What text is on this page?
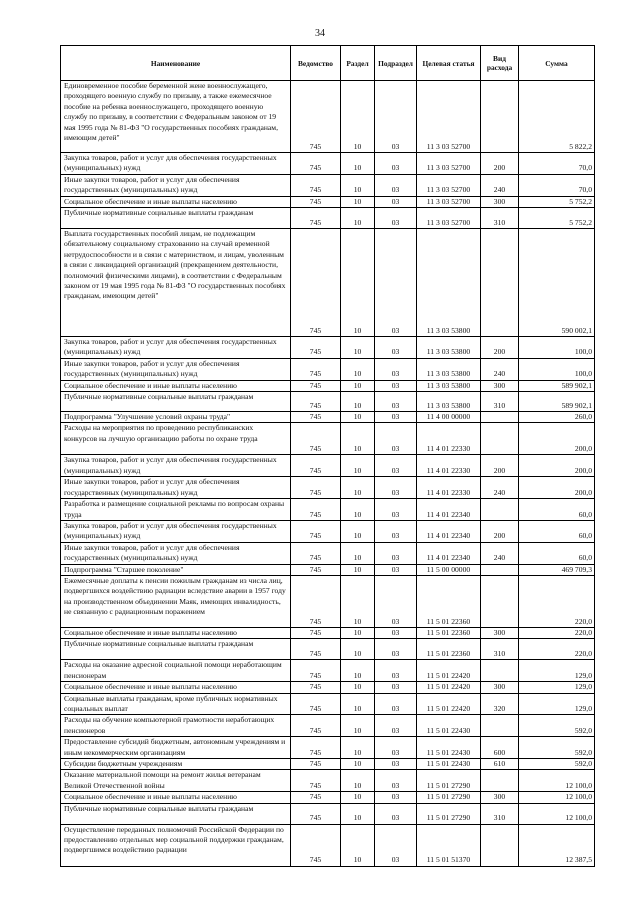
34
Наименование	Ведомство	Раздел	Подраздел	Целевая статья	Вид расхода	Сумма
Единовременное пособие беременной жене военнослужащего, проходящего военную службу по призыву, а также ежемесячное пособие на ребенка военнослужащего, проходящего военную службу по призыву, в соответствии с Федеральным законом от 19 мая 1995 года № 81-ФЗ "О государственных пособиях гражданам, имеющим детей"	745	10	03	11 3 03 52700		5 822,2
Закупка товаров, работ и услуг для обеспечения государственных (муниципальных) нужд	745	10	03	11 3 03 52700	200	70,0
Иные закупки товаров, работ и услуг для обеспечения государственных (муниципальных) нужд	745	10	03	11 3 03 52700	240	70,0
Социальное обеспечение и иные выплаты населению	745	10	03	11 3 03 52700	300	5 752,2
Публичные нормативные социальные выплаты гражданам	745	10	03	11 3 03 52700	310	5 752,2
Выплата государственных пособий лицам, не подлежащим обязательному социальному страхованию на случай временной нетрудоспособности и в связи с материнством, и лицам, уволенным в связи с ликвидацией организаций (прекращением деятельности, полномочий физическими лицами), в соответствии с Федеральным законом от 19 мая 1995 года № 81-ФЗ "О государственных пособиях гражданам, имеющим детей"	745	10	03	11 3 03 53800		590 002,1
Закупка товаров, работ и услуг для обеспечения государственных (муниципальных) нужд	745	10	03	11 3 03 53800	200	100,0
Иные закупки товаров, работ и услуг для обеспечения государственных (муниципальных) нужд	745	10	03	11 3 03 53800	240	100,0
Социальное обеспечение и иные выплаты населению	745	10	03	11 3 03 53800	300	589 902,1
Публичные нормативные социальные выплаты гражданам	745	10	03	11 3 03 53800	310	589 902,1
Подпрограмма "Улучшение условий охраны труда"	745	10	03	11 4 00 00000		260,0
Расходы на мероприятия по проведению республиканских конкурсов на лучшую организацию работы по охране труда	745	10	03	11 4 01 22330		200,0
Закупка товаров, работ и услуг для обеспечения государственных (муниципальных) нужд	745	10	03	11 4 01 22330	200	200,0
Иные закупки товаров, работ и услуг для обеспечения государственных (муниципальных) нужд	745	10	03	11 4 01 22330	240	200,0
Разработка и размещение социальной рекламы по вопросам охраны труда	745	10	03	11 4 01 22340		60,0
Закупка товаров, работ и услуг для обеспечения государственных (муниципальных) нужд	745	10	03	11 4 01 22340	200	60,0
Иные закупки товаров, работ и услуг для обеспечения государственных (муниципальных) нужд	745	10	03	11 4 01 22340	240	60,0
Подпрограмма "Старшее поколение"	745	10	03	11 5 00 00000		469 709,3
Ежемесячные доплаты к пенсии пожилым гражданам из числа лиц, подвергшихся воздействию радиации вследствие аварии в 1957 году на производственном объединении Маяк, имеющих инвалидность, не связанную с радиационным поражением	745	10	03	11 5 01 22360		220,0
Социальное обеспечение и иные выплаты населению	745	10	03	11 5 01 22360	300	220,0
Публичные нормативные социальные выплаты гражданам	745	10	03	11 5 01 22360	310	220,0
Расходы на оказание адресной социальной помощи неработающим пенсионерам	745	10	03	11 5 01 22420		129,0
Социальное обеспечение и иные выплаты населению	745	10	03	11 5 01 22420	300	129,0
Социальные выплаты гражданам, кроме публичных нормативных социальных выплат	745	10	03	11 5 01 22420	320	129,0
Расходы на обучение компьютерной грамотности неработающих пенсионеров	745	10	03	11 5 01 22430		592,0
Предоставление субсидий бюджетным, автономным учреждениям и иным некоммерческим организациям	745	10	03	11 5 01 22430	600	592,0
Субсидии бюджетным учреждениям	745	10	03	11 5 01 22430	610	592,0
Оказание материальной помощи на ремонт жилья ветеранам Великой Отечественной войны	745	10	03	11 5 01 27290		12 100,0
Социальное обеспечение и иные выплаты населению	745	10	03	11 5 01 27290	300	12 100,0
Публичные нормативные социальные выплаты гражданам	745	10	03	11 5 01 27290	310	12 100,0
Осуществление переданных полномочий Российской Федерации по предоставлению отдельных мер социальной поддержки гражданам, подвергшимся воздействию радиации	745	10	03	11 5 01 51370		12 387,5
